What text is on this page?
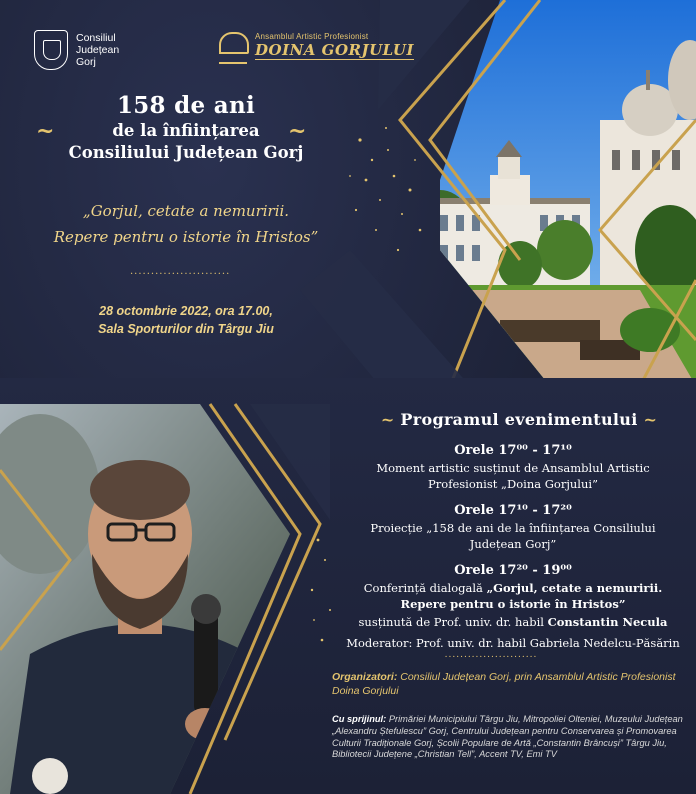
Consiliul
Județean
Gorj
Ansamblul Artistic Profesionist
DOINA GORJULUI
158 de ani
de la înființarea
Consiliului Județean Gorj
~	~
„Gorjul, cetate a nemuririi.
Repere pentru o istorie în Hristos”
........................
28 octombrie 2022, ora 17.00,
Sala Sporturilor din Târgu Jiu
~ Programul evenimentului ~
Orele 17⁰⁰ - 17¹⁰
Moment artistic susținut de Ansamblul Artistic
Profesionist „Doina Gorjului”
Orele 17¹⁰ - 17²⁰
Proiecție „158 de ani de la înființarea Consiliului
Județean Gorj”
Orele 17²⁰ - 19⁰⁰
Conferință dialogală „Gorjul, cetate a nemuririi.
Repere pentru o istorie în Hristos”
susținută de Prof. univ. dr. habil Constantin Necula
Moderator: Prof. univ. dr. habil Gabriela Nedelcu-Păsărin
........................
Organizatori: Consiliul Județean Gorj, prin Ansamblul Artistic Profesionist Doina Gorjului
Cu sprijinul: Primăriei Municipiului Târgu Jiu, Mitropoliei Olteniei, Muzeului Județean „Alexandru Ștefulescu” Gorj, Centrului Județean pentru Conservarea și Promovarea Culturii Tradiționale Gorj, Școlii Populare de Artă „Constantin Brâncuși” Târgu Jiu, Bibliotecii Județene „Christian Tell”, Accent TV, Emi TV
